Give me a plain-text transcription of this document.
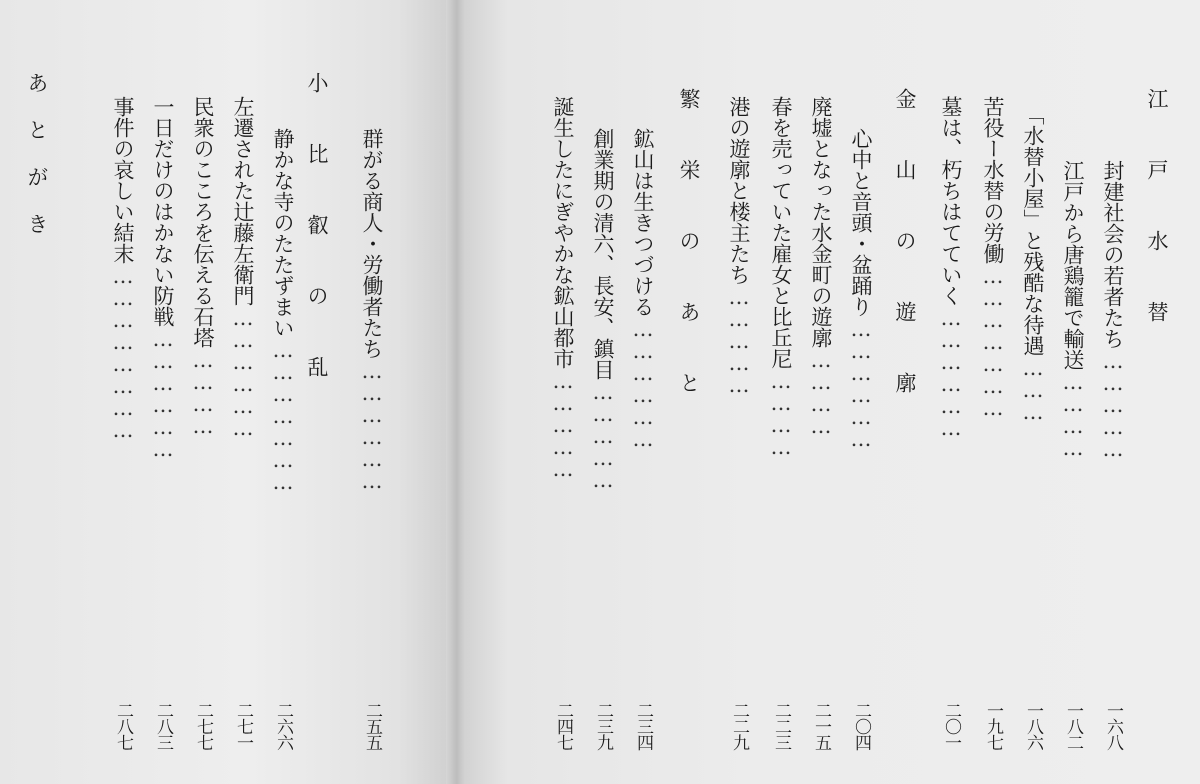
小 比 叡 の 乱
あとがき	群がる商人・労働者たち………………
二五五
静かな寺のたたずまい…………………
二六六
左遷された辻藤左衛門………………
二七一
民衆のこころを伝える石塔…………
二七七
一日だけのはかない防戦………………
二八三
事件の哀しい結末……………………
二八七
江 戸 水 替
封建社会の若者たち……………
一六八
江戸から唐鶏籠で輸送…………
一八二
「水替小屋」と残酷な待遇………
一八六
苦役ー水替の労働…………………
一九七
墓は、朽ちはてていく………………
二〇一
金 山 の 遊 廓
心中と音頭・盆踊り………………
二〇四
廃墟となった水金町の遊廓…………
二一五
春を売っていた雇女と比丘尼…………
二二三
港の遊廓と楼主たち……………
二二九
繁 栄 の あ と
鉱山は生きつづける………………
二三四
創業期の清六、長安、鎮目……………
二三九
誕生したにぎやかな鉱山都市……………
二四七
